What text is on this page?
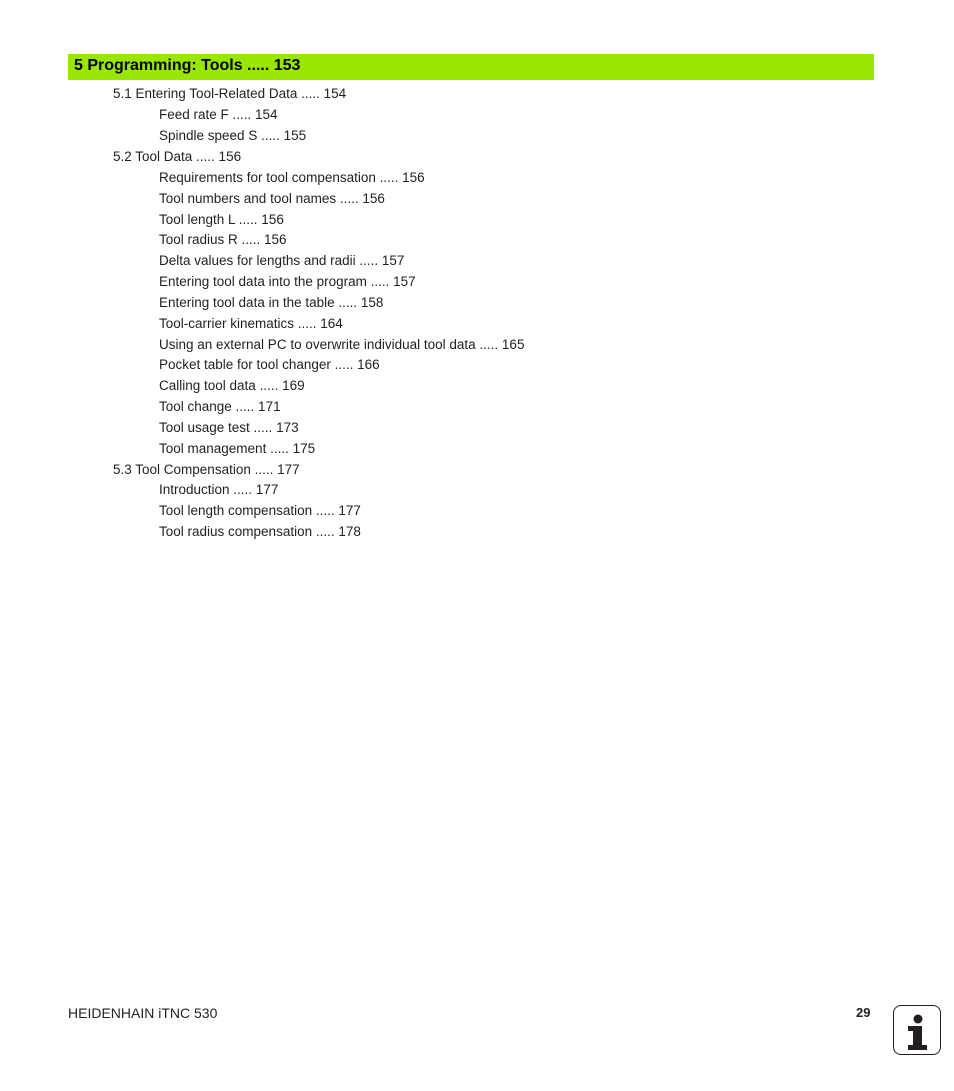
5 Programming: Tools ..... 153
5.1 Entering Tool-Related Data ..... 154
Feed rate F ..... 154
Spindle speed S ..... 155
5.2 Tool Data ..... 156
Requirements for tool compensation ..... 156
Tool numbers and tool names ..... 156
Tool length L ..... 156
Tool radius R ..... 156
Delta values for lengths and radii ..... 157
Entering tool data into the program ..... 157
Entering tool data in the table ..... 158
Tool-carrier kinematics ..... 164
Using an external PC to overwrite individual tool data ..... 165
Pocket table for tool changer ..... 166
Calling tool data ..... 169
Tool change ..... 171
Tool usage test ..... 173
Tool management ..... 175
5.3 Tool Compensation ..... 177
Introduction ..... 177
Tool length compensation ..... 177
Tool radius compensation ..... 178
HEIDENHAIN iTNC 530	29
